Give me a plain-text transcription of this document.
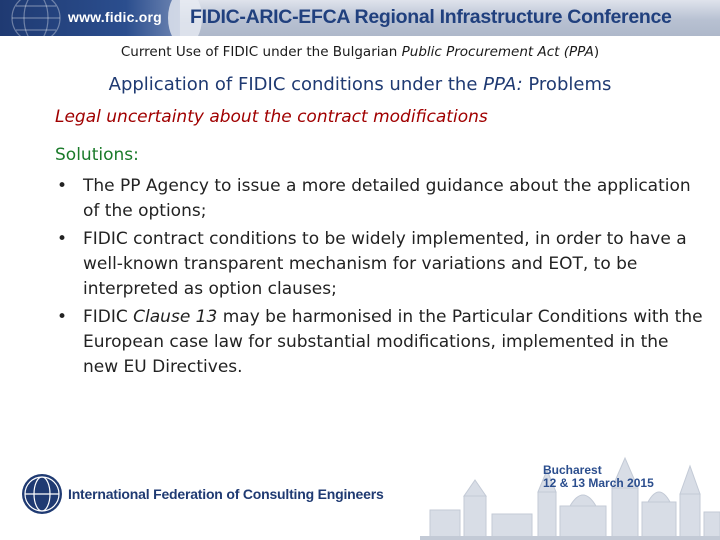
www.fidic.org FIDIC-ARIC-EFCA Regional Infrastructure Conference
Current Use of FIDIC under the Bulgarian Public Procurement Act (PPA)
Application of FIDIC conditions under the PPA: Problems
Legal uncertainty about the contract modifications
Solutions:
• The PP Agency to issue a more detailed guidance about the application of the options;
• FIDIC contract conditions to be widely implemented, in order to have a well-known transparent mechanism for variations and EOT, to be interpreted as option clauses;
• FIDIC Clause 13 may be harmonised in the Particular Conditions with the European case law for substantial modifications, implemented in the new EU Directives.
International Federation of Consulting Engineers
Bucharest
12 & 13 March 2015
